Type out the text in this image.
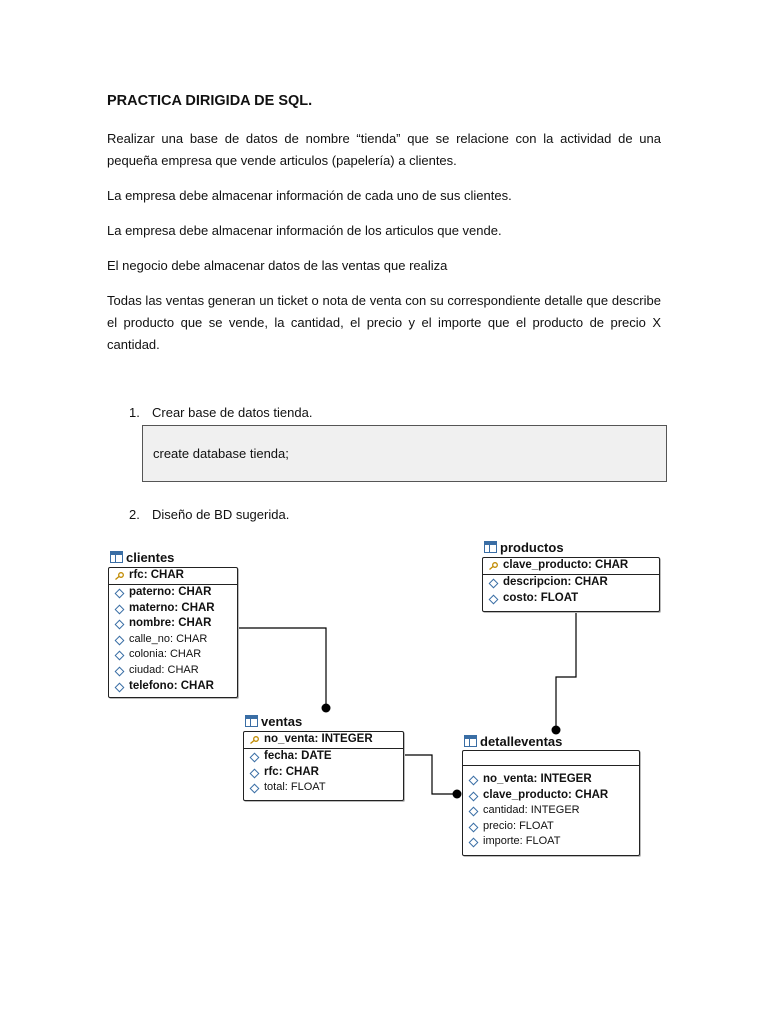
PRACTICA DIRIGIDA DE SQL.

Realizar una base de datos de nombre “tienda” que se relacione con la actividad de una pequeña empresa que vende articulos (papelería) a clientes.

La empresa debe almacenar información de cada uno de sus clientes.

La empresa debe almacenar información de los articulos que vende.

El negocio debe almacenar datos de las ventas que realiza

Todas las ventas generan un ticket o nota de venta con su correspondiente detalle que describe el producto que se vende, la cantidad, el precio y el importe que el producto de precio X cantidad.

1. Crear base de datos tienda.
create database tienda;
2. Diseño de BD sugerida.
clientes
rfc: CHAR
paterno: CHAR
materno: CHAR
nombre: CHAR
calle_no: CHAR
colonia: CHAR
ciudad: CHAR
telefono: CHAR
productos
clave_producto: CHAR
descripcion: CHAR
costo: FLOAT
ventas
no_venta: INTEGER
fecha: DATE
rfc: CHAR
total: FLOAT
detalleventas
no_venta: INTEGER
clave_producto: CHAR
cantidad: INTEGER
precio: FLOAT
importe: FLOAT
